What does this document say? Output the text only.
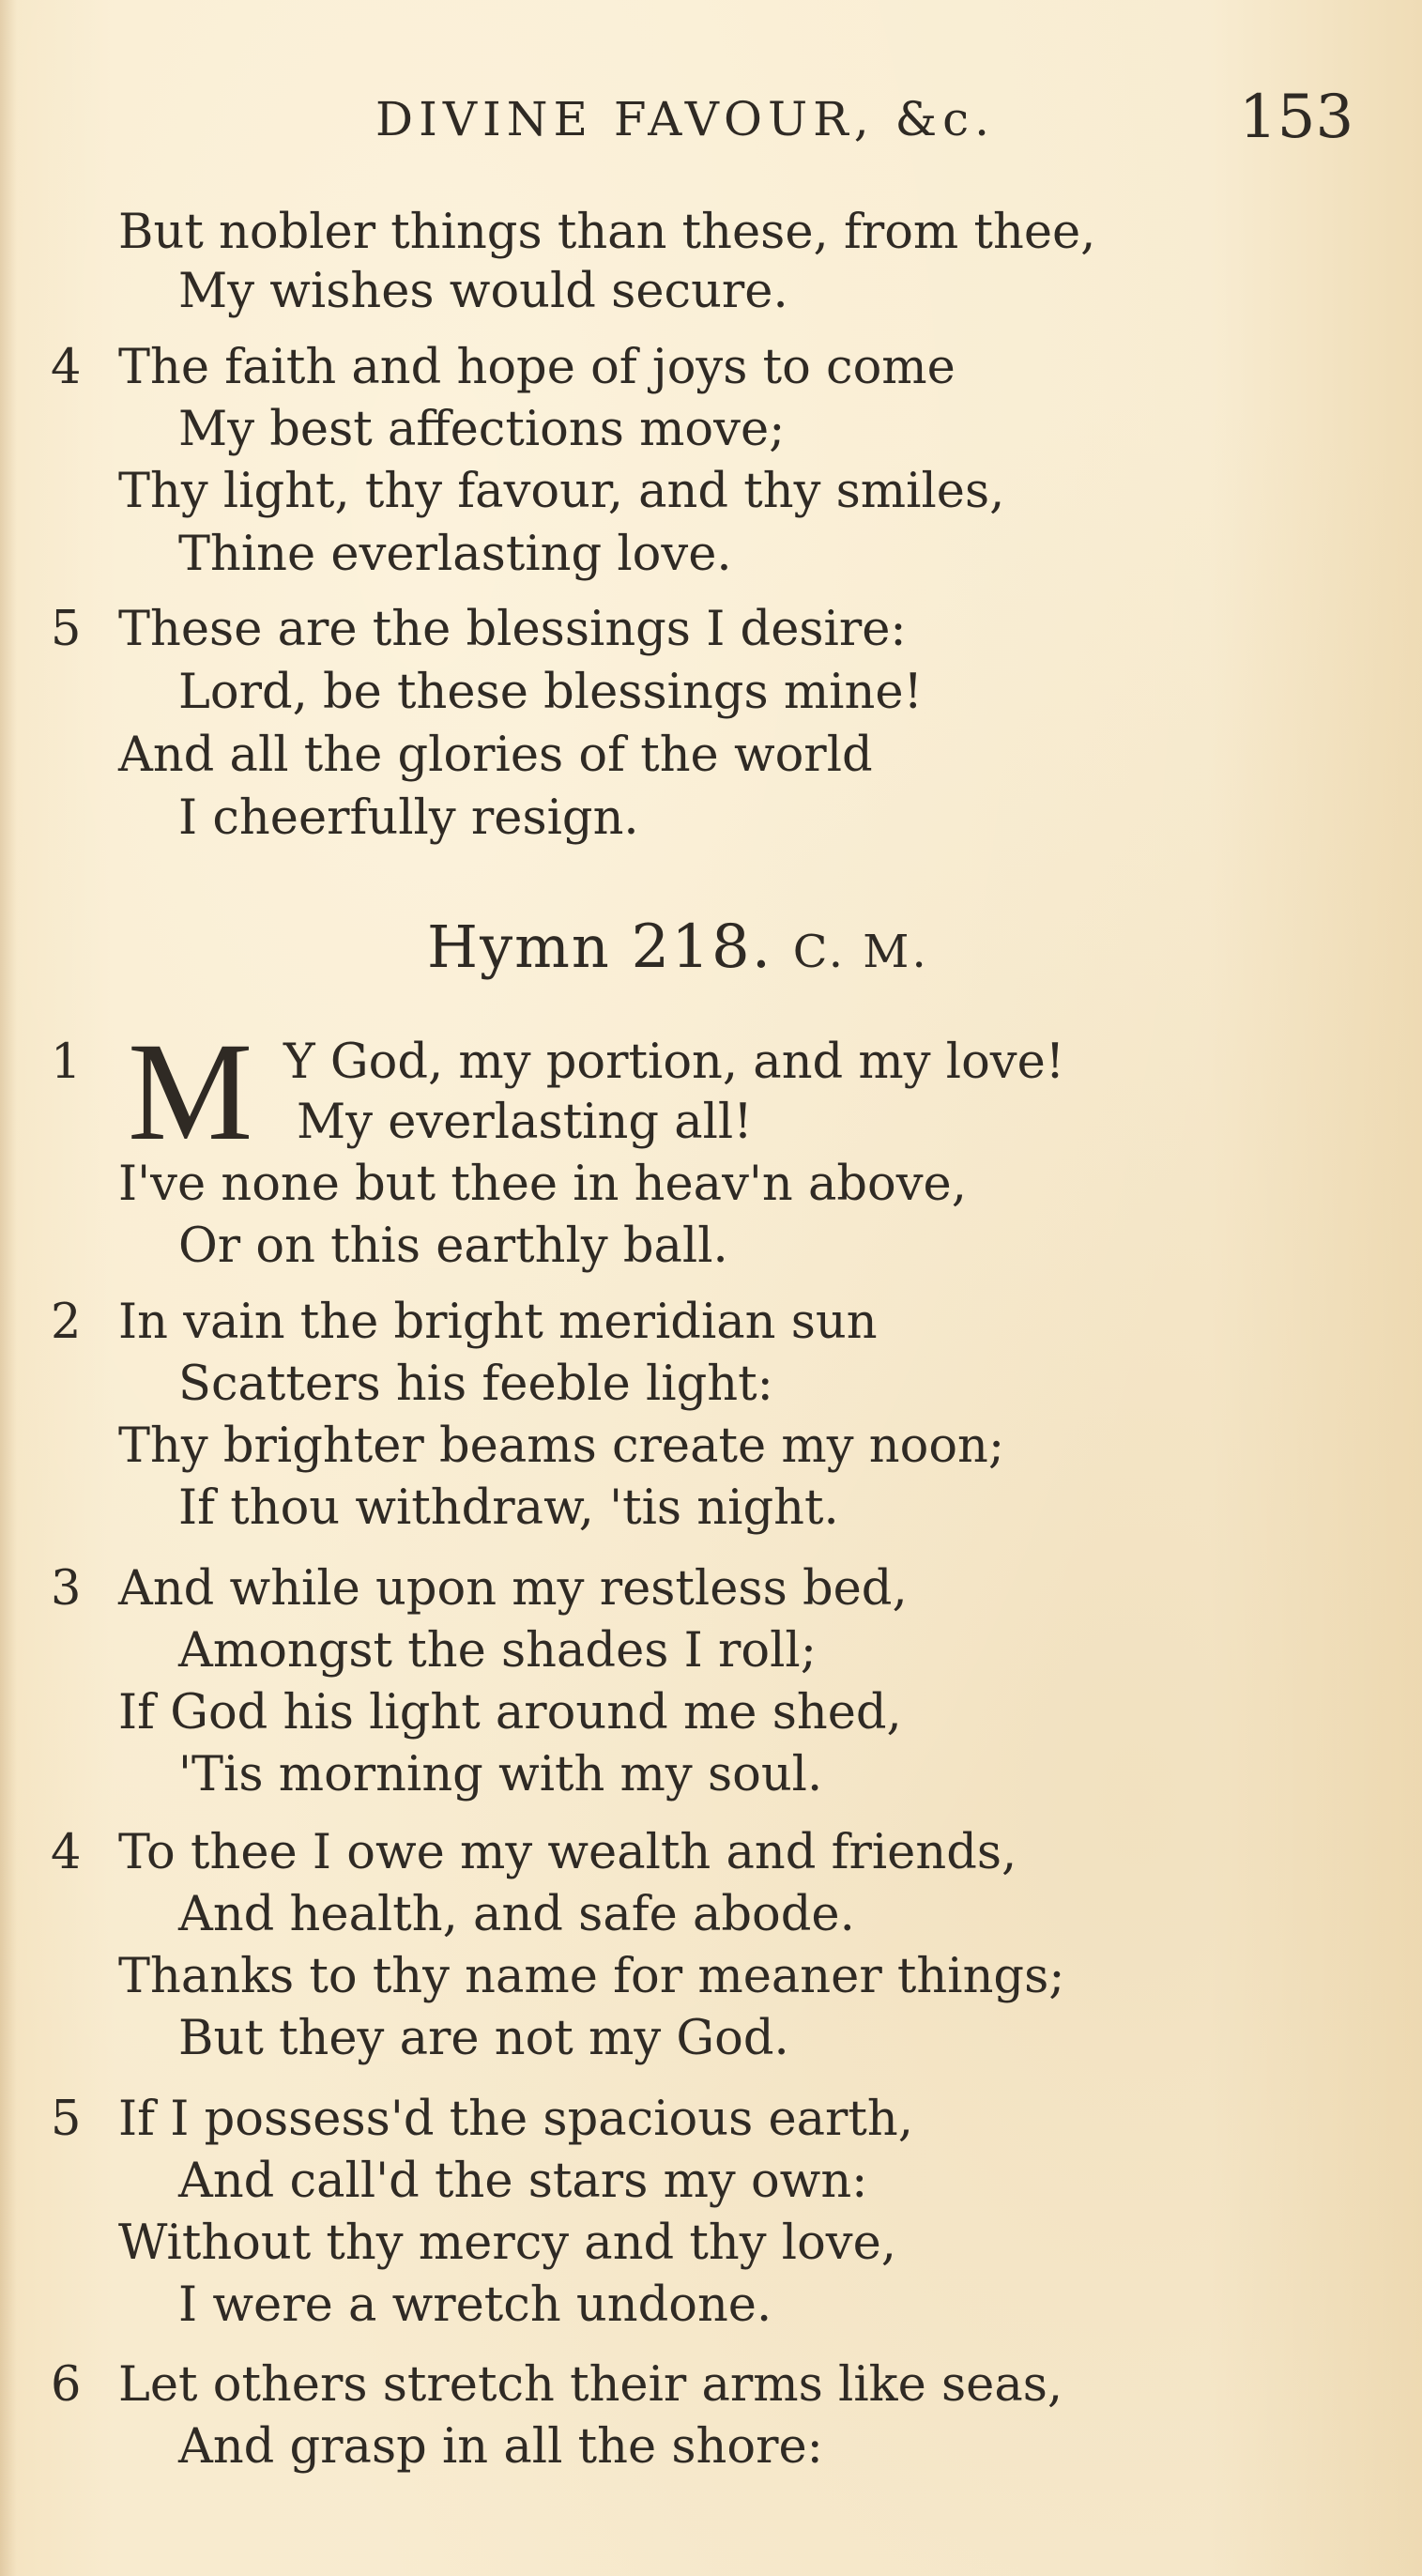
DIVINE FAVOUR, &c.	153
But nobler things than these, from thee,
My wishes would secure.
4 The faith and hope of joys to come
My best affections move;
Thy light, thy favour, and thy smiles,
Thine everlasting love.
5 These are the blessings I desire:
Lord, be these blessings mine!
And all the glories of the world
I cheerfully resign.
Hymn 218. C. M.
1 M Y God, my portion, and my love!
My everlasting all!
I've none but thee in heav'n above,
Or on this earthly ball.
2 In vain the bright meridian sun
Scatters his feeble light:
Thy brighter beams create my noon;
If thou withdraw, 'tis night.
3 And while upon my restless bed,
Amongst the shades I roll;
If God his light around me shed,
'Tis morning with my soul.
4 To thee I owe my wealth and friends,
And health, and safe abode.
Thanks to thy name for meaner things;
But they are not my God.
5 If I possess'd the spacious earth,
And call'd the stars my own:
Without thy mercy and thy love,
I were a wretch undone.
6 Let others stretch their arms like seas,
And grasp in all the shore:
